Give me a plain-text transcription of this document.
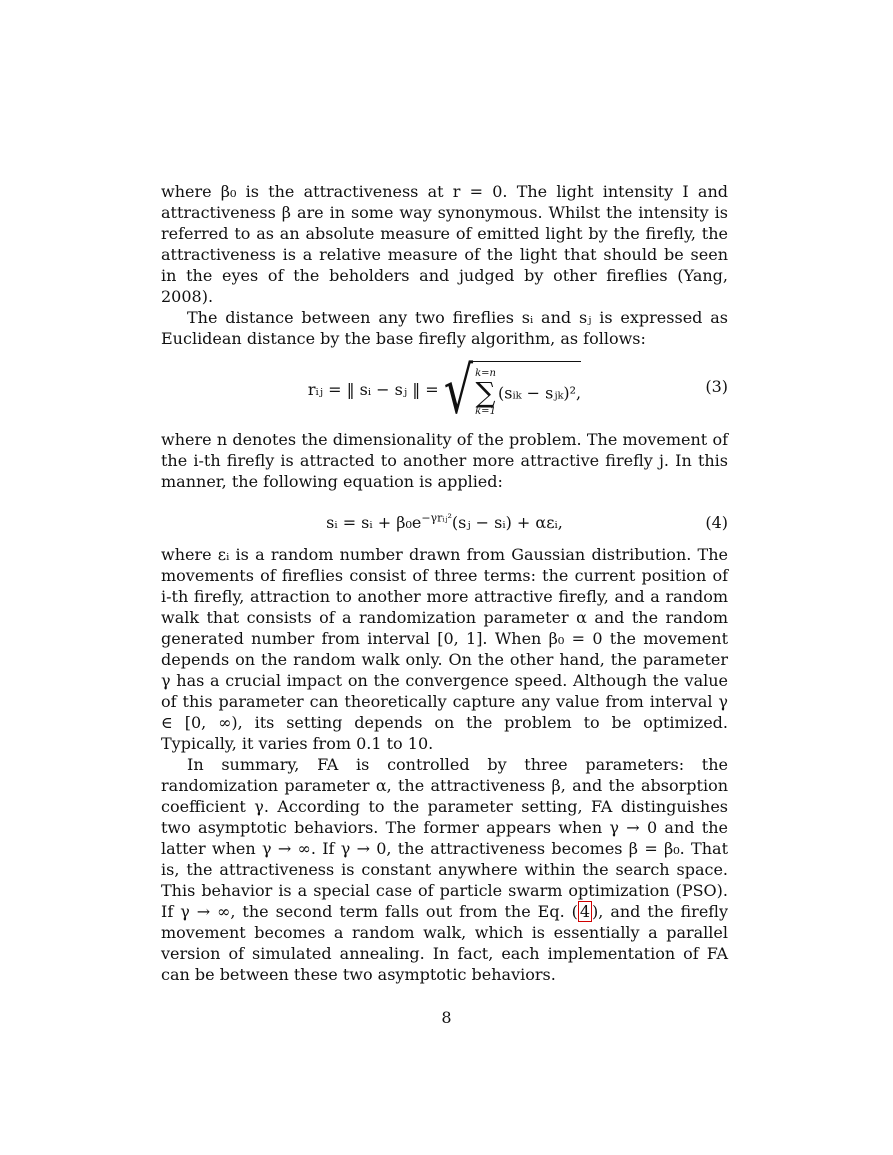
where β₀ is the attractiveness at r = 0. The light intensity I and attractiveness β are in some way synonymous. Whilst the intensity is referred to as an absolute measure of emitted light by the firefly, the attractiveness is a relative measure of the light that should be seen in the eyes of the beholders and judged by other fireflies (Yang, 2008).

The distance between any two fireflies sᵢ and sⱼ is expressed as Euclidean distance by the base firefly algorithm, as follows:

rᵢⱼ = ‖ sᵢ − sⱼ ‖ = √ k=n
∑
k=1
(sᵢₖ − sⱼₖ)²,	(3)

where n denotes the dimensionality of the problem. The movement of the i-th firefly is attracted to another more attractive firefly j. In this manner, the following equation is applied:

sᵢ = sᵢ + $\beta_0e^{-\gamma rᵢⱼ^2}(sⱼ$ − sᵢ) + αεᵢ,	(4)

where εᵢ is a random number drawn from Gaussian distribution. The movements of fireflies consist of three terms: the current position of i-th firefly, attraction to another more attractive firefly, and a random walk that consists of a randomization parameter α and the random generated number from interval [0, 1]. When β₀ = 0 the movement depends on the random walk only. On the other hand, the parameter γ has a crucial impact on the convergence speed. Although the value of this parameter can theoretically capture any value from interval γ ∈ [0, ∞), its setting depends on the problem to be optimized. Typically, it varies from 0.1 to 10.

In summary, FA is controlled by three parameters: the randomization parameter α, the attractiveness β, and the absorption coefficient γ. According to the parameter setting, FA distinguishes two asymptotic behaviors. The former appears when γ → 0 and the latter when γ → ∞. If γ → 0, the attractiveness becomes β = β₀. That is, the attractiveness is constant anywhere within the search space. This behavior is a special case of particle swarm optimization (PSO). If γ → ∞, the second term falls out from the Eq. ( 4 ), and the firefly movement becomes a random walk, which is essentially a parallel version of simulated annealing. In fact, each implementation of FA can be between these two asymptotic behaviors.

8
